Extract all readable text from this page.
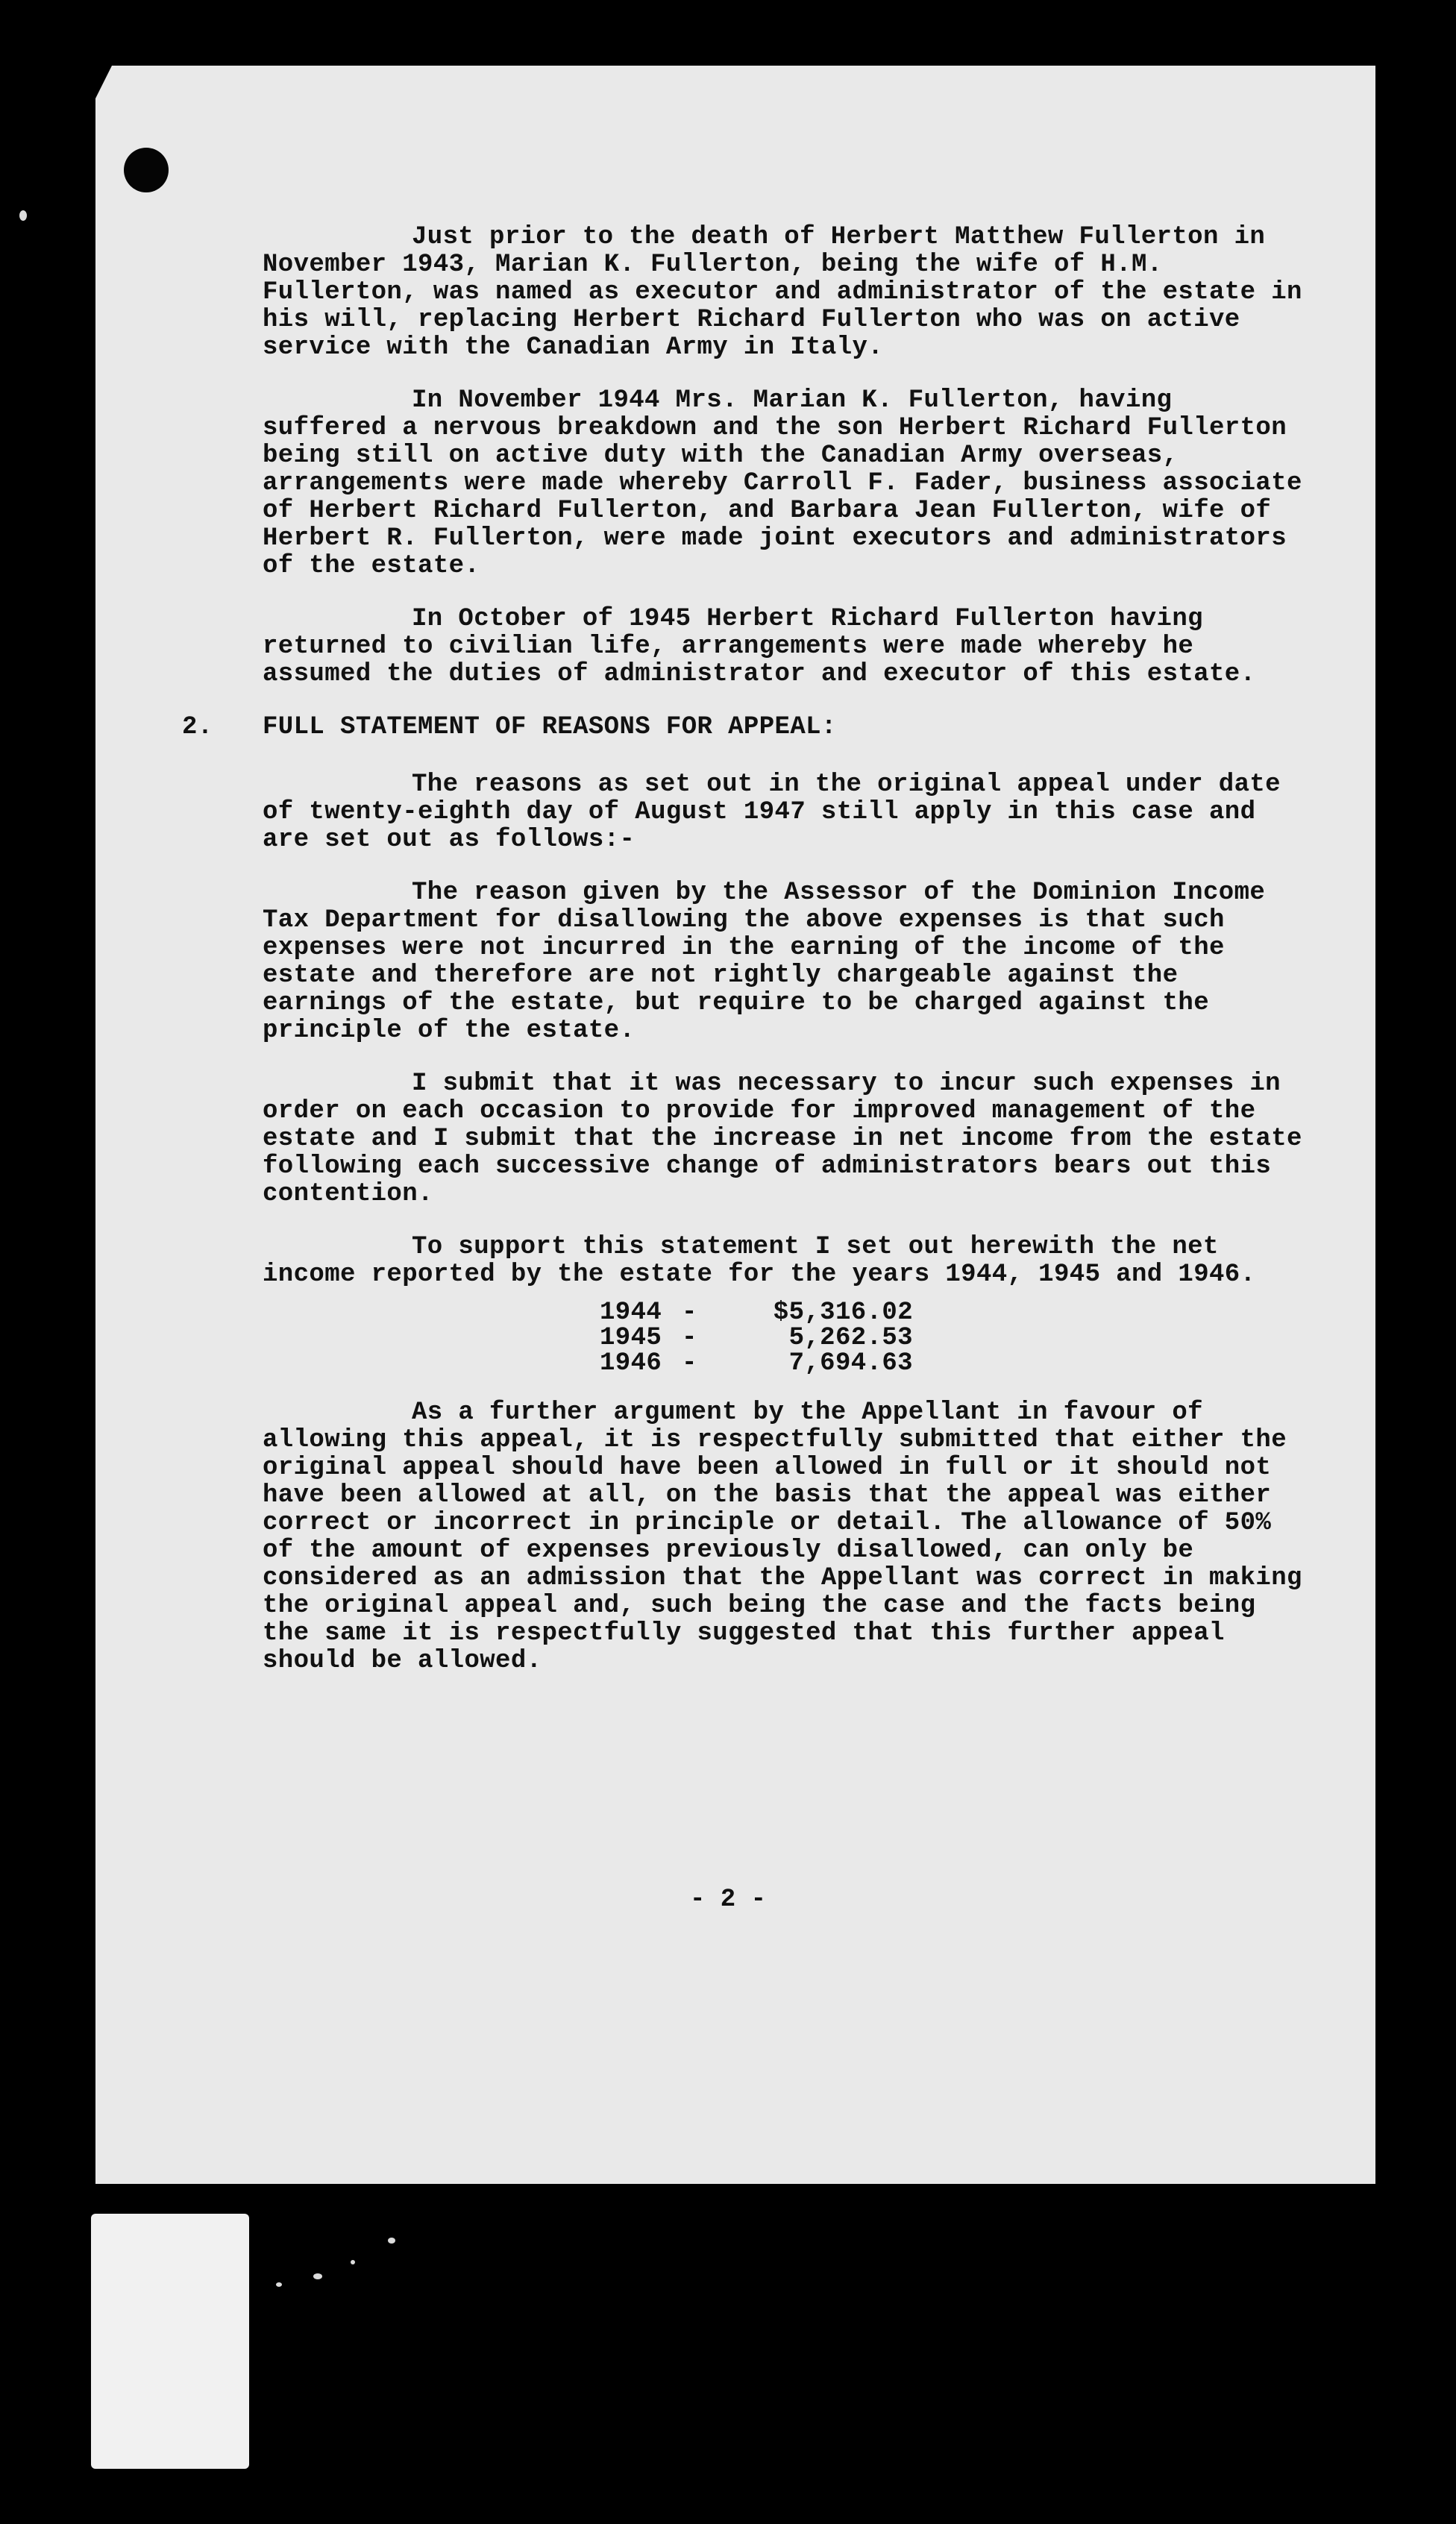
Just prior to the death of Herbert Matthew Fullerton in November 1943, Marian K. Fullerton, being the wife of H.M. Fullerton, was named as executor and administrator of the estate in his will, replacing Herbert Richard Fullerton who was on active service with the Canadian Army in Italy.

In November 1944 Mrs. Marian K. Fullerton, having suffered a nervous breakdown and the son Herbert Richard Fullerton being still on active duty with the Canadian Army overseas, arrangements were made whereby Carroll F. Fader, business associate of Herbert Richard Fullerton, and Barbara Jean Fullerton, wife of Herbert R. Fullerton, were made joint executors and administrators of the estate.

In October of 1945 Herbert Richard Fullerton having returned to civilian life, arrangements were made whereby he assumed the duties of administrator and executor of this estate.

2. FULL STATEMENT OF REASONS FOR APPEAL:

The reasons as set out in the original appeal under date of twenty-eighth day of August 1947 still apply in this case and are set out as follows:-

The reason given by the Assessor of the Dominion Income Tax Department for disallowing the above expenses is that such expenses were not incurred in the earning of the income of the estate and therefore are not rightly chargeable against the earnings of the estate, but require to be charged against the principle of the estate.

I submit that it was necessary to incur such expenses in order on each occasion to provide for improved management of the estate and I submit that the increase in net income from the estate following each successive change of administrators bears out this contention.

To support this statement I set out herewith the net income reported by the estate for the years 1944, 1945 and 1946.

1944 -	$5,316.02
1945 -	5,262.53
1946 -	7,694.63

As a further argument by the Appellant in favour of allowing this appeal, it is respectfully submitted that either the original appeal should have been allowed in full or it should not have been allowed at all, on the basis that the appeal was either correct or incorrect in principle or detail. The allowance of 50% of the amount of expenses previously disallowed, can only be considered as an admission that the Appellant was correct in making the original appeal and, such being the case and the facts being the same it is respectfully suggested that this further appeal should be allowed.

- 2 -
